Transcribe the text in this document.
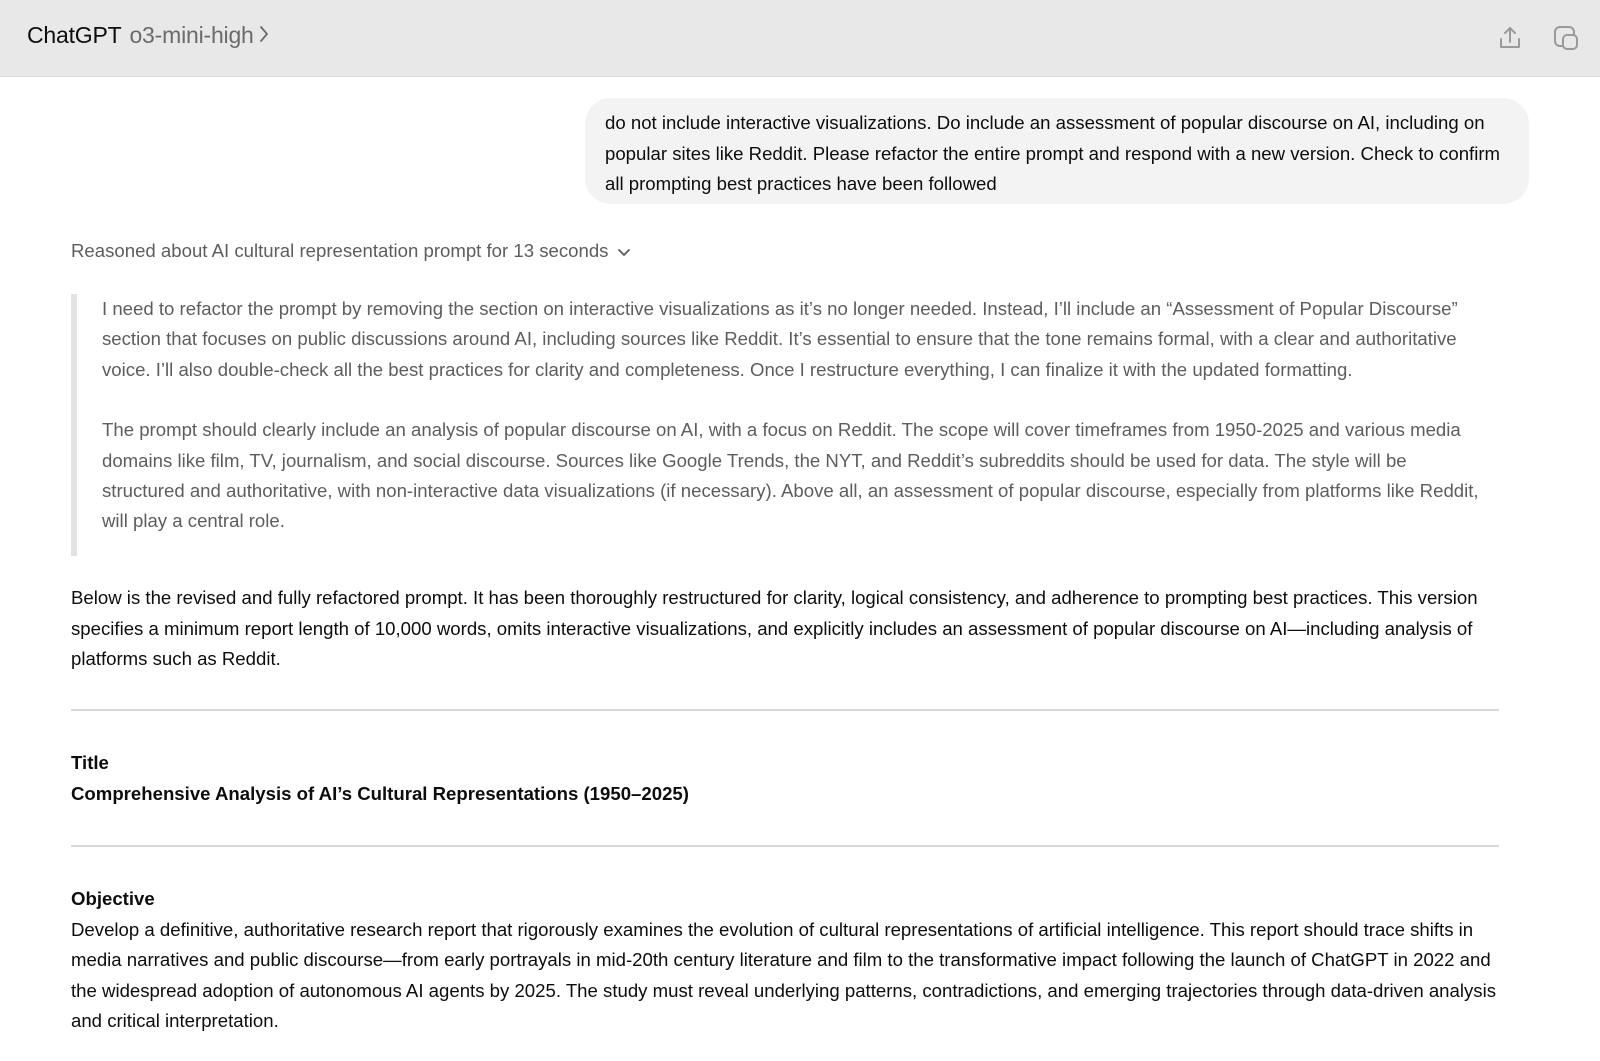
ChatGPT o3-mini-high
do not include interactive visualizations. Do include an assessment of popular discourse on AI, including on popular sites like Reddit. Please refactor the entire prompt and respond with a new version. Check to confirm all prompting best practices have been followed
Reasoned about AI cultural representation prompt for 13 seconds

I need to refactor the prompt by removing the section on interactive visualizations as it’s no longer needed. Instead, I’ll include an “Assessment of Popular Discourse” section that focuses on public discussions around AI, including sources like Reddit. It’s essential to ensure that the tone remains formal, with a clear and authoritative voice. I’ll also double-check all the best practices for clarity and completeness. Once I restructure everything, I can finalize it with the updated formatting.

The prompt should clearly include an analysis of popular discourse on AI, with a focus on Reddit. The scope will cover timeframes from 1950-2025 and various media domains like film, TV, journalism, and social discourse. Sources like Google Trends, the NYT, and Reddit’s subreddits should be used for data. The style will be structured and authoritative, with non-interactive data visualizations (if necessary). Above all, an assessment of popular discourse, especially from platforms like Reddit, will play a central role.

Below is the revised and fully refactored prompt. It has been thoroughly restructured for clarity, logical consistency, and adherence to prompting best practices. This version specifies a minimum report length of 10,000 words, omits interactive visualizations, and explicitly includes an assessment of popular discourse on AI—including analysis of platforms such as Reddit.
Title
Comprehensive Analysis of AI’s Cultural Representations (1950–2025)
Objective
Develop a definitive, authoritative research report that rigorously examines the evolution of cultural representations of artificial intelligence. This report should trace shifts in media narratives and public discourse—from early portrayals in mid-20th century literature and film to the transformative impact following the launch of ChatGPT in 2022 and the widespread adoption of autonomous AI agents by 2025. The study must reveal underlying patterns, contradictions, and emerging trajectories through data-driven analysis and critical interpretation.
